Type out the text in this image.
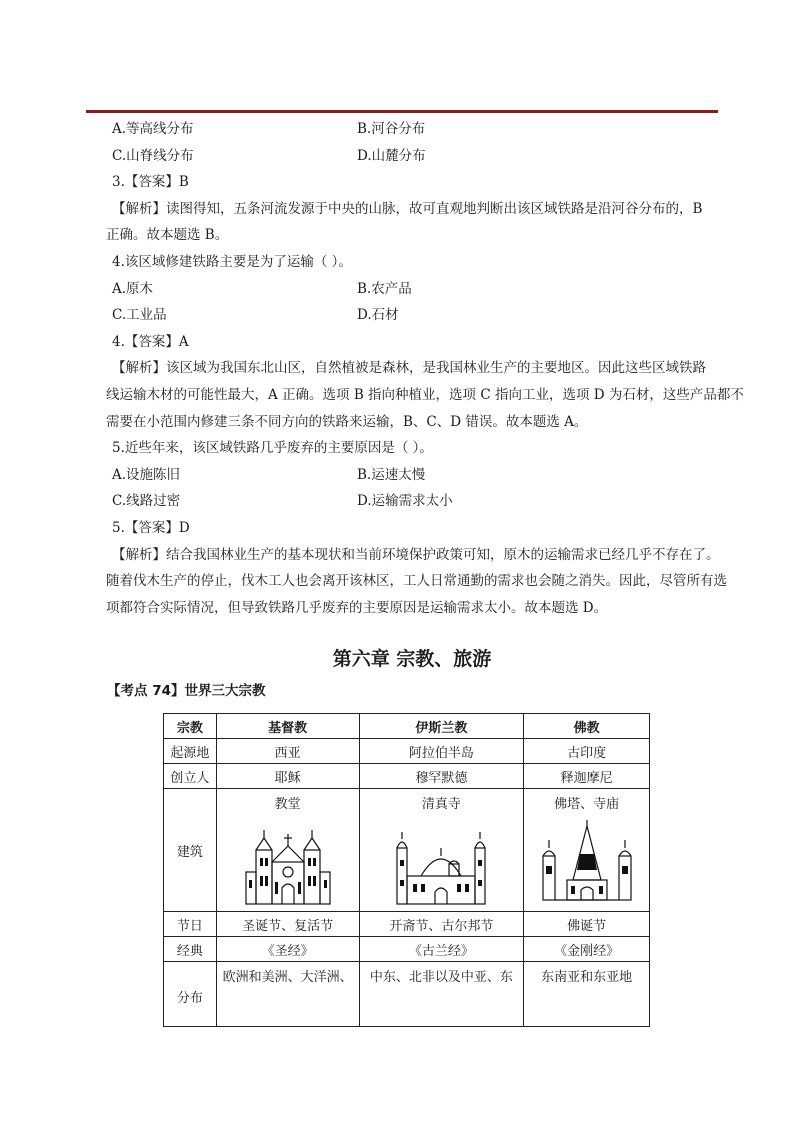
A.等高线分布	B.河谷分布
C.山脊线分布	D.山麓分布
3.【答案】B
【解析】读图得知，五条河流发源于中央的山脉，故可直观地判断出该区域铁路是沿河谷分布的，B
正确。故本题选 B。
4.该区域修建铁路主要是为了运输（ ）。
A.原木	B.农产品
C.工业品	D.石材
4.【答案】A
【解析】该区域为我国东北山区，自然植被是森林，是我国林业生产的主要地区。因此这些区域铁路
线运输木材的可能性最大，A 正确。选项 B 指向种植业，选项 C 指向工业，选项 D 为石材，这些产品都不
需要在小范围内修建三条不同方向的铁路来运输，B、C、D 错误。故本题选 A。
5.近些年来，该区域铁路几乎废弃的主要原因是（ ）。
A.设施陈旧	B.运速太慢
C.线路过密	D.运输需求太小
5.【答案】D
【解析】结合我国林业生产的基本现状和当前环境保护政策可知，原木的运输需求已经几乎不存在了。
随着伐木生产的停止，伐木工人也会离开该林区，工人日常通勤的需求也会随之消失。因此，尽管所有选
项都符合实际情况，但导致铁路几乎废弃的主要原因是运输需求太小。故本题选 D。
第六章 宗教、旅游
【考点 74】世界三大宗教
宗教	基督教	伊斯兰教	佛教
起源地	西亚	阿拉伯半岛	古印度
创立人	耶稣	穆罕默德	释迦摩尼
建筑	教堂	清真寺	佛塔、寺庙

节日	圣诞节、复活节	开斋节、古尔邦节	佛诞节
经典	《圣经》	《古兰经》	《金刚经》
分布	欧洲和美洲、大洋洲、	中东、北非以及中亚、东	东南亚和东亚地
